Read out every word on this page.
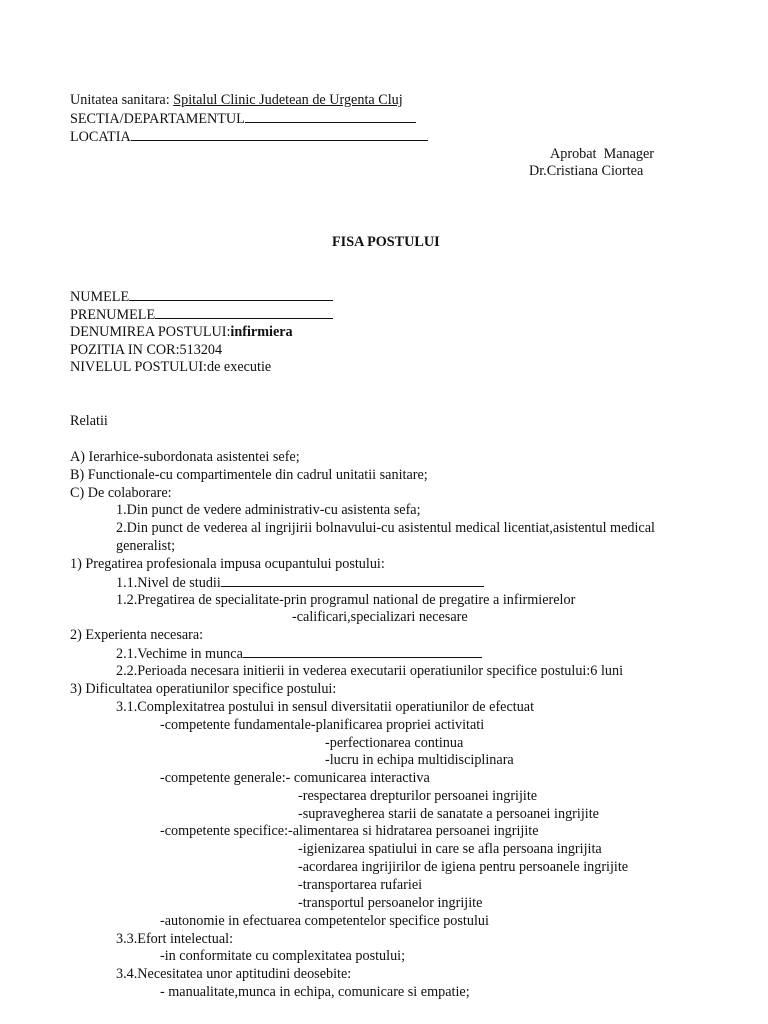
Unitatea sanitara: Spitalul Clinic Judetean de Urgenta Cluj
SECTIA/DEPARTAMENTUL
LOCATIA
Aprobat  Manager
Dr.Cristiana Ciortea
FISA POSTULUI
NUMELE
PRENUMELE
DENUMIREA POSTULUI:infirmiera
POZITIA IN COR:513204
NIVELUL POSTULUI:de executie
Relatii
A) Ierarhice-subordonata asistentei sefe;
B) Functionale-cu compartimentele din cadrul unitatii sanitare;
C) De colaborare:
1.Din punct de vedere administrativ-cu asistenta sefa;
2.Din punct de vederea al ingrijirii bolnavului-cu asistentul medical licentiat,asistentul medical
generalist;
1) Pregatirea profesionala impusa ocupantului postului:
1.1.Nivel de studii
1.2.Pregatirea de specialitate-prin programul national de pregatire a infirmierelor
-calificari,specializari necesare
2) Experienta necesara:
2.1.Vechime in munca
2.2.Perioada necesara initierii in vederea executarii operatiunilor specifice postului:6 luni
3) Dificultatea operatiunilor specifice postului:
3.1.Complexitatrea postului in sensul diversitatii operatiunilor de efectuat
-competente fundamentale-planificarea propriei activitati
-perfectionarea continua
-lucru in echipa multidisciplinara
-competente generale:- comunicarea interactiva
-respectarea drepturilor persoanei ingrijite
-supravegherea starii de sanatate a persoanei ingrijite
-competente specifice:-alimentarea si hidratarea persoanei ingrijite
-igienizarea spatiului in care se afla persoana ingrijita
-acordarea ingrijirilor de igiena pentru persoanele ingrijite
-transportarea rufariei
-transportul persoanelor ingrijite
-autonomie in efectuarea competentelor specifice postului
3.3.Efort intelectual:
-in conformitate cu complexitatea postului;
3.4.Necesitatea unor aptitudini deosebite:
- manualitate,munca in echipa, comunicare si empatie;
